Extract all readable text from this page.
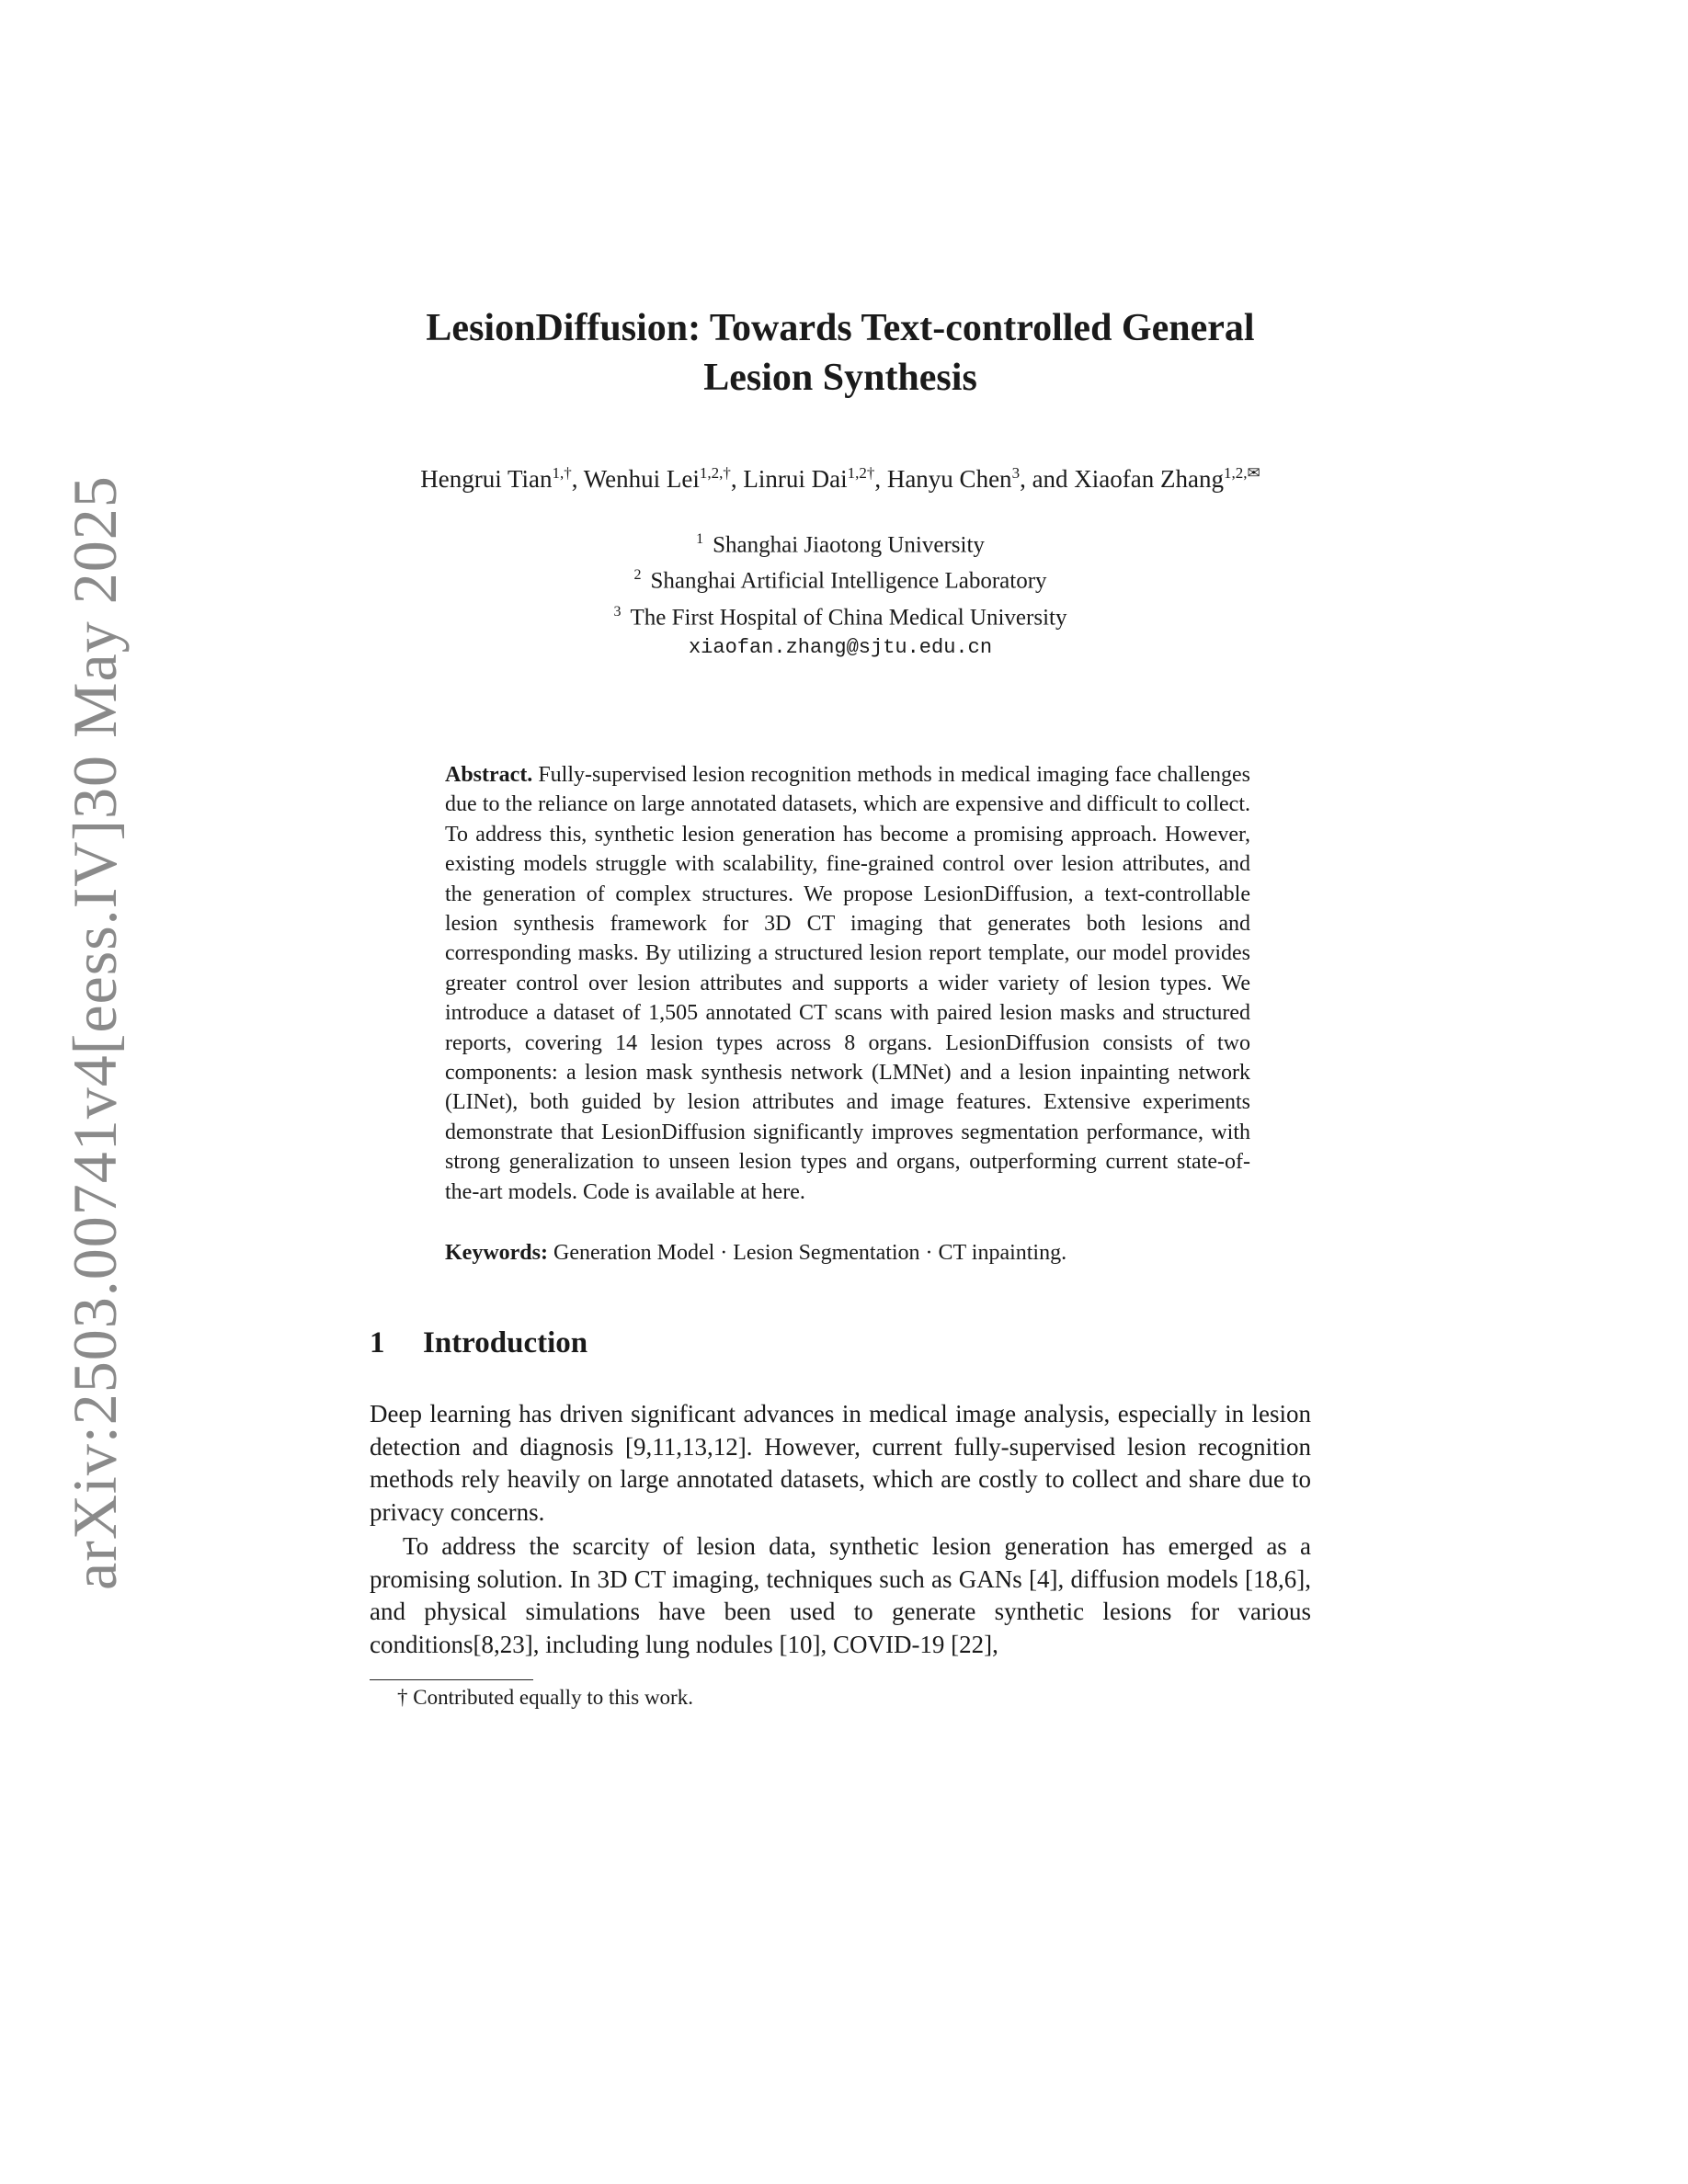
arXiv:2503.00741v4
[eess.IV]
30 May 2025
LesionDiffusion: Towards Text-controlled General
Lesion Synthesis
Hengrui Tian$^{1,\dagger}$, Wenhui Lei$^{1,2,\dagger}$, Linrui Dai$^{1,2\dagger}$, Hanyu Chen$^3$, and Xiaofan Zhang$^{1,2,✉}$
$^1$ Shanghai Jiaotong University
$^2$ Shanghai Artificial Intelligence Laboratory
$^3$ The First Hospital of China Medical University
xiaofan.zhang@sjtu.edu.cn
Abstract. Fully-supervised lesion recognition methods in medical imaging face challenges due to the reliance on large annotated datasets, which are expensive and difficult to collect. To address this, synthetic lesion generation has become a promising approach. However, existing models struggle with scalability, fine-grained control over lesion attributes, and the generation of complex structures. We propose LesionDiffusion, a text-controllable lesion synthesis framework for 3D CT imaging that generates both lesions and corresponding masks. By utilizing a structured lesion report template, our model provides greater control over lesion attributes and supports a wider variety of lesion types. We introduce a dataset of 1,505 annotated CT scans with paired lesion masks and structured reports, covering 14 lesion types across 8 organs. LesionDiffusion consists of two components: a lesion mask synthesis network (LMNet) and a lesion inpainting network (LINet), both guided by lesion attributes and image features. Extensive experiments demonstrate that LesionDiffusion significantly improves segmentation performance, with strong generalization to unseen lesion types and organs, outperforming current state-of-the-art models. Code is available at here.
Keywords: Generation Model · Lesion Segmentation · CT inpainting.
1 Introduction

Deep learning has driven significant advances in medical image analysis, especially in lesion detection and diagnosis [9,11,13,12]. However, current fully-supervised lesion recognition methods rely heavily on large annotated datasets, which are costly to collect and share due to privacy concerns.

To address the scarcity of lesion data, synthetic lesion generation has emerged as a promising solution. In 3D CT imaging, techniques such as GANs [4], diffusion models [18,6], and physical simulations have been used to generate synthetic lesions for various conditions[8,23], including lung nodules [10], COVID-19 [22],

† Contributed equally to this work.
